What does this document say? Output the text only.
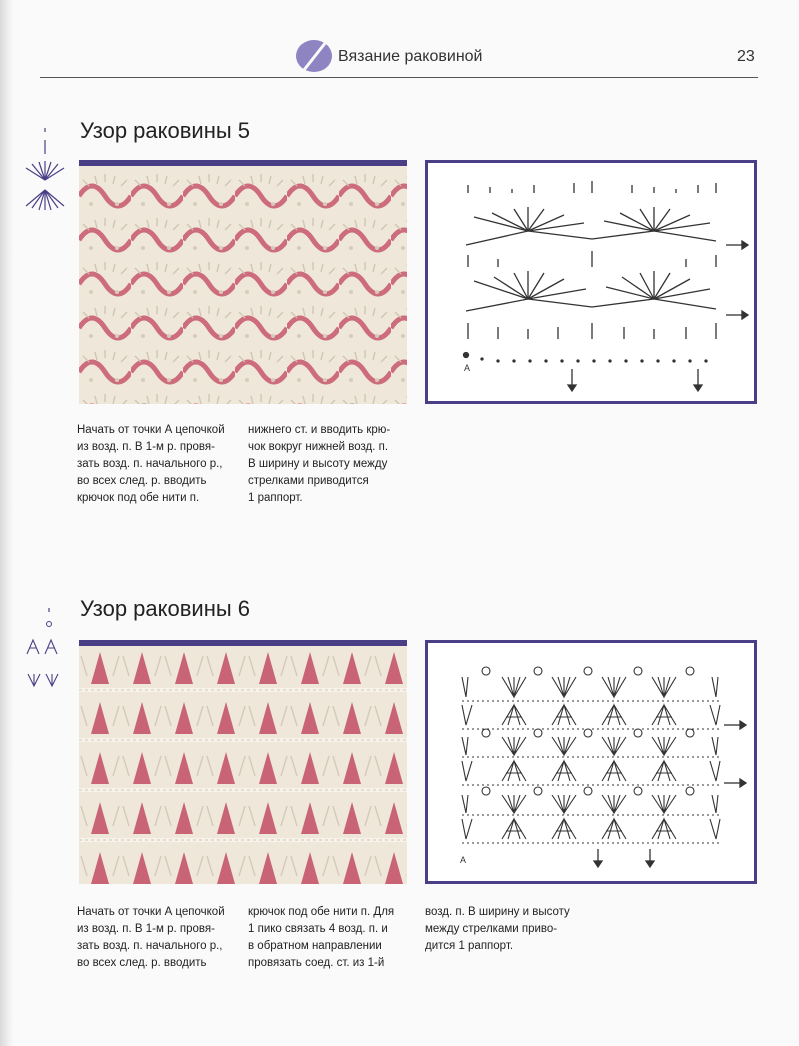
Вязание раковиной	23
Узор раковины 5
A
Начать от точки А цепочкой
из возд. п. В 1-м р. провя-
зать возд. п. начального р.,
во всех след. р. вводить
крючок под обе нити п.
нижнего ст. и вводить крю-
чок вокруг нижней возд. п.
В ширину и высоту между
стрелками приводится
1 раппорт.
Узор раковины 6
A
Начать от точки А цепочкой
из возд. п. В 1-м р. провя-
зать возд. п. начального р.,
во всех след. р. вводить
крючок под обе нити п. Для
1 пико связать 4 возд. п. и
в обратном направлении
провязать соед. ст. из 1-й
возд. п. В ширину и высоту
между стрелками приво-
дится 1 раппорт.
